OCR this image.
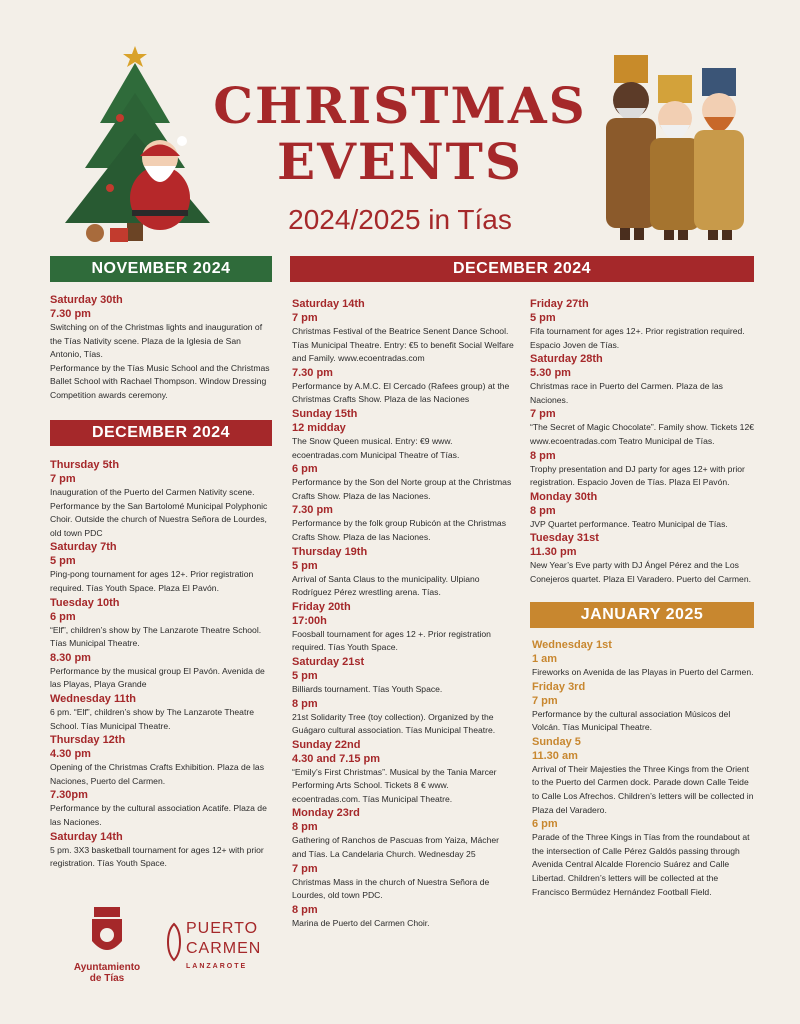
CHRISTMAS
EVENTS
2024/2025 in Tías
NOVEMBER 2024
DECEMBER 2024
DECEMBER 2024
JANUARY 2025

Saturday 30th

7.30 pm

Switching on of the Christmas lights and inauguration of the Tías Nativity scene. Plaza de la Iglesia de San Antonio, Tías.

Performance by the Tías Music School and the Christmas Ballet School with Rachael Thompson. Window Dressing Competition awards ceremony.

Thursday 5th

7 pm

Inauguration of the Puerto del Carmen Nativity scene. Performance by the San Bartolomé Municipal Polyphonic Choir. Outside the church of Nuestra Señora de Lourdes, old town PDC

Saturday 7th

5 pm

Ping-pong tournament for ages 12+. Prior registration required. Tías Youth Space. Plaza El Pavón.

Tuesday 10th

6 pm

“Elf”, children’s show by The Lanzarote Theatre School. Tías Municipal Theatre.

8.30 pm

Performance by the musical group El Pavón. Avenida de las Playas, Playa Grande

Wednesday 11th

6 pm. “Elf”, children’s show by The Lanzarote Theatre School. Tías Municipal Theatre.

Thursday 12th

4.30 pm

Opening of the Christmas Crafts Exhibition. Plaza de las Naciones, Puerto del Carmen.

7.30pm

Performance by the cultural association Acatife. Plaza de las Naciones.

Saturday 14th

5 pm. 3X3 basketball tournament for ages 12+ with prior registration. Tías Youth Space.

Saturday 14th

7 pm

Christmas Festival of the Beatrice Senent Dance School. Tías Municipal Theatre. Entry: €5 to benefit Social Welfare and Family. www.ecoentradas.com

7.30 pm

Performance by A.M.C. El Cercado (Rafees group) at the Christmas Crafts Show. Plaza de las Naciones

Sunday 15th

12 midday

The Snow Queen musical. Entry: €9 www. ecoentradas.com Municipal Theatre of Tías.

6 pm

Performance by the Son del Norte group at the Christmas Crafts Show. Plaza de las Naciones.

7.30 pm

Performance by the folk group Rubicón at the Christmas Crafts Show. Plaza de las Naciones.

Thursday 19th

5 pm

Arrival of Santa Claus to the municipality. Ulpiano Rodríguez Pérez wrestling arena. Tías.

Friday 20th

17:00h

Foosball tournament for ages 12 +. Prior registration required. Tías Youth Space.

Saturday 21st

5 pm

Billiards tournament. Tías Youth Space.

8 pm

21st Solidarity Tree (toy collection). Organized by the Guágaro cultural association. Tías Municipal Theatre.

Sunday 22nd

4.30 and 7.15 pm

“Emily’s First Christmas”. Musical by the Tania Marcer Performing Arts School. Tickets 8 € www. ecoentradas.com. Tías Municipal Theatre.

Monday 23rd

8 pm

Gathering of Ranchos de Pascuas from Yaiza, Mácher and Tías. La Candelaria Church. Wednesday 25

7 pm

Christmas Mass in the church of Nuestra Señora de Lourdes, old town PDC.

8 pm

Marina de Puerto del Carmen Choir.

Friday 27th

5 pm

Fifa tournament for ages 12+. Prior registration required. Espacio Joven de Tías.

Saturday 28th

5.30 pm

Christmas race in Puerto del Carmen. Plaza de las Naciones.

7 pm

“The Secret of Magic Chocolate”. Family show. Tickets 12€ www.ecoentradas.com Teatro Municipal de Tías.

8 pm

Trophy presentation and DJ party for ages 12+ with prior registration. Espacio Joven de Tías. Plaza El Pavón.

Monday 30th

8 pm

JVP Quartet performance. Teatro Municipal de Tías.

Tuesday 31st

11.30 pm

New Year’s Eve party with DJ Ángel Pérez and the Los Conejeros quartet. Plaza El Varadero. Puerto del Carmen.

Wednesday 1st

1 am

Fireworks on Avenida de las Playas in Puerto del Carmen.

Friday 3rd

7 pm

Performance by the cultural association Músicos del Volcán. Tías Municipal Theatre.

Sunday 5

11.30 am

Arrival of Their Majesties the Three Kings from the Orient to the Puerto del Carmen dock. Parade down Calle Teide to Calle Los Afrechos. Children’s letters will be collected in Plaza del Varadero.

6 pm

Parade of the Three Kings in Tías from the roundabout at the intersection of Calle Pérez Galdós passing through Avenida Central Alcalde Florencio Suárez and Calle Libertad. Children’s letters will be collected at the Francisco Bermúdez Hernández Football Field.

Ayuntamiento
de Tías
PUERTO
CARMEN
LANZAROTE
